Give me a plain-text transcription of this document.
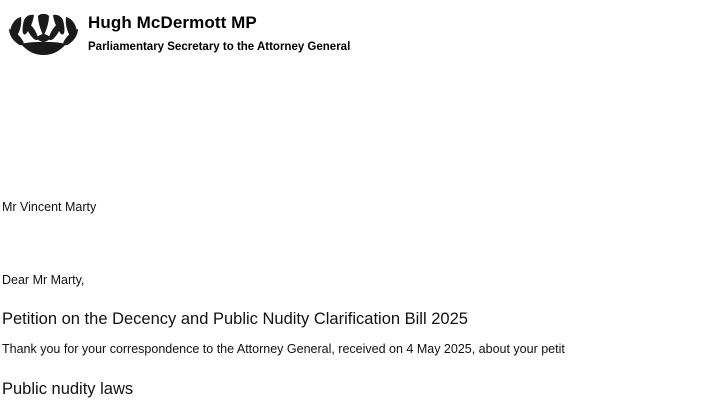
Hugh McDermott MP
Parliamentary Secretary to the Attorney General
Mr Vincent Marty
Dear Mr Marty,
Petition on the Decency and Public Nudity Clarification Bill 2025
Thank you for your correspondence to the Attorney General, received on 4 May 2025, about your petit
Public nudity laws
